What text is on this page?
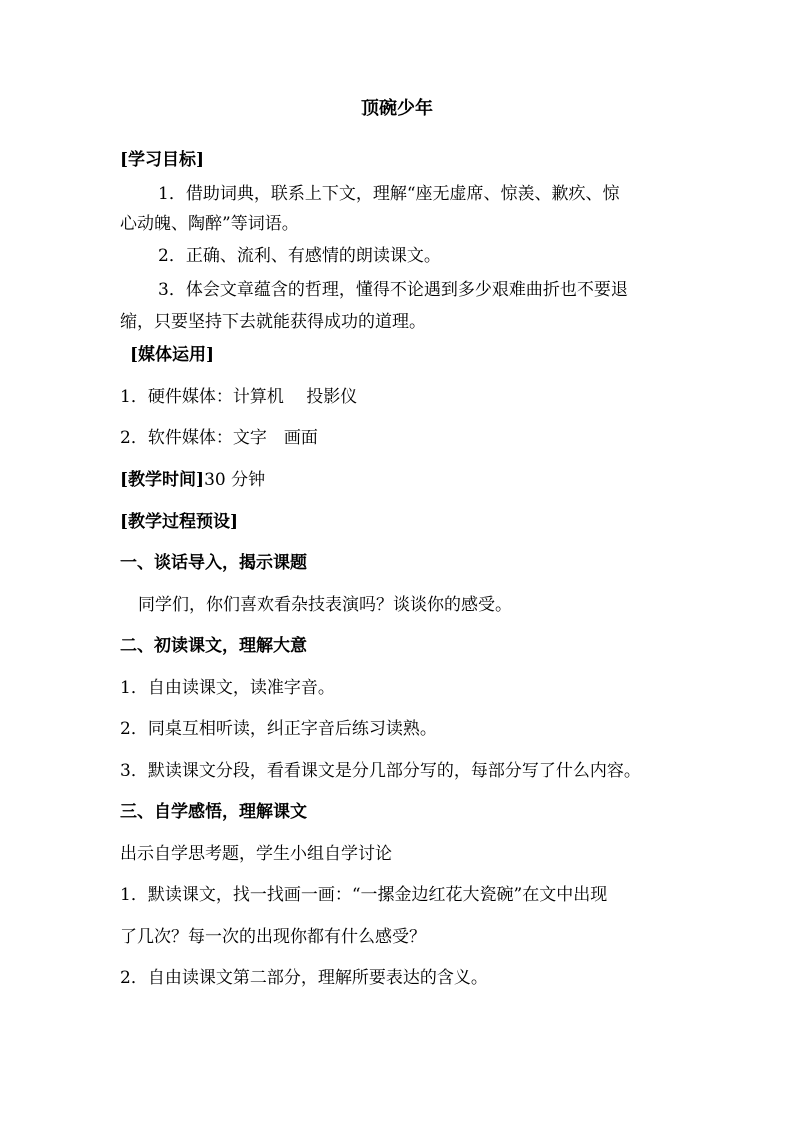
顶碗少年
[学习目标]
1．借助词典，联系上下文，理解“座无虚席、惊羡、歉疚、惊
心动魄、陶醉”等词语。
2．正确、流利、有感情的朗读课文。
3．体会文章蕴含的哲理，懂得不论遇到多少艰难曲折也不要退
缩，只要坚持下去就能获得成功的道理。
[媒体运用]
1．硬件媒体：计算机　 投影仪
2．软件媒体：文字　画面
[教学时间]30 分钟
[教学过程预设]
一、谈话导入，揭示课题
同学们，你们喜欢看杂技表演吗？谈谈你的感受。
二、初读课文，理解大意
1．自由读课文，读准字音。
2．同桌互相听读，纠正字音后练习读熟。
3．默读课文分段，看看课文是分几部分写的，每部分写了什么内容。
三、自学感悟，理解课文
出示自学思考题，学生小组自学讨论
1．默读课文，找一找画一画：“一摞金边红花大瓷碗”在文中出现
了几次？每一次的出现你都有什么感受？
2．自由读课文第二部分，理解所要表达的含义。
